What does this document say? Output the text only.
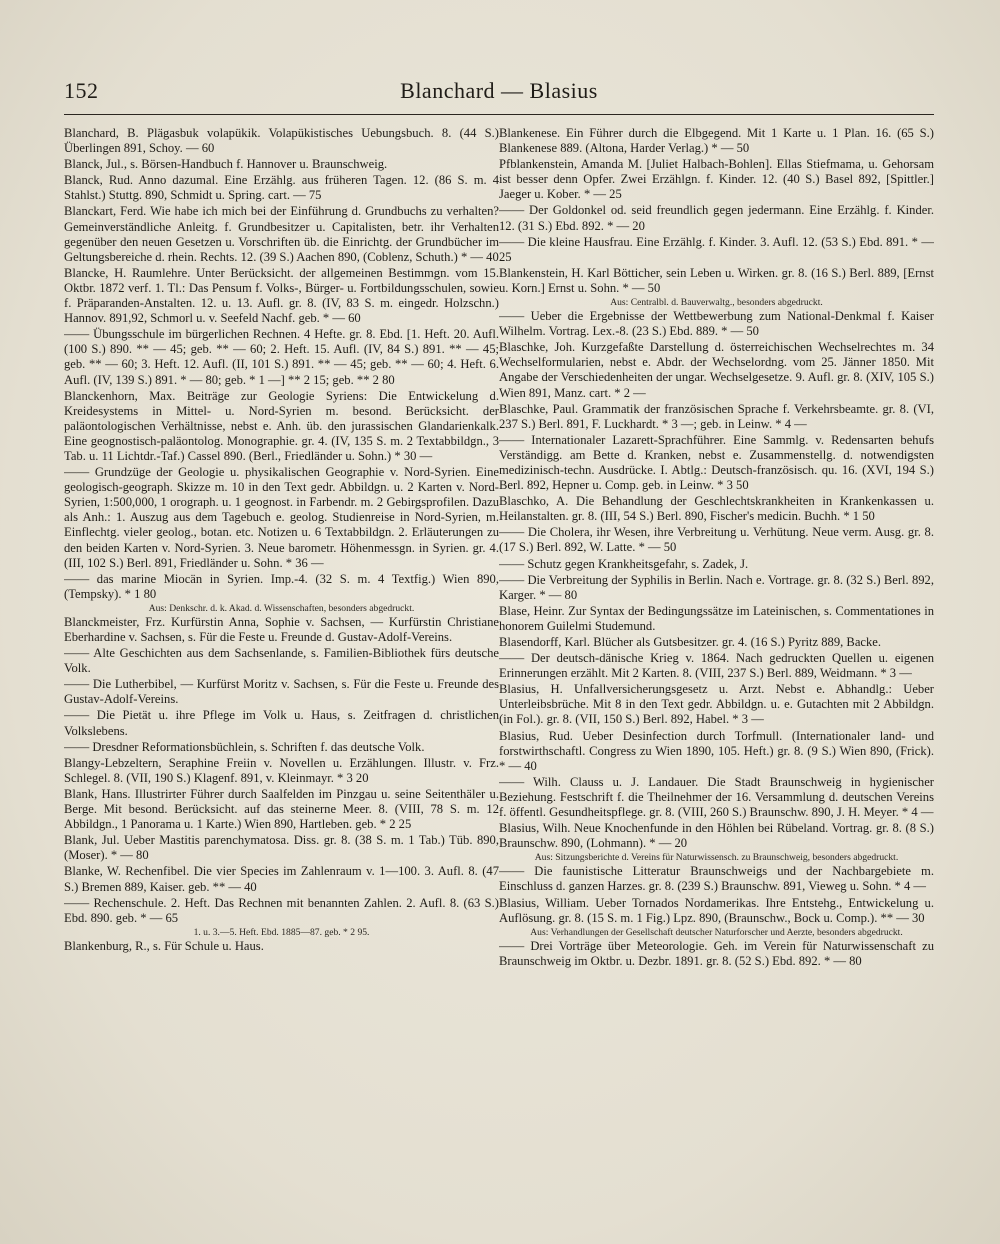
152	Blanchard — Blasius
Blanchard, B. Plägasbuk volapükik. Volapükistisches Uebungsbuch. 8. (44 S.) Überlingen 891, Schoy. — 60
Blanck, Jul., s. Börsen-Handbuch f. Hannover u. Braunschweig.
Blanck, Rud. Anno dazumal. Eine Erzählg. aus früheren Tagen. 12. (86 S. m. 4 Stahlst.) Stuttg. 890, Schmidt u. Spring. cart. — 75
Blanckart, Ferd. Wie habe ich mich bei der Einführung d. Grundbuchs zu verhalten? Gemeinverständliche Anleitg. f. Grundbesitzer u. Capitalisten, betr. ihr Verhalten gegenüber den neuen Gesetzen u. Vorschriften üb. die Einrichtg. der Grundbücher im Geltungsbereiche d. rhein. Rechts. 12. (39 S.) Aachen 890, (Coblenz, Schuth.) * — 40
Blancke, H. Raumlehre. Unter Berücksicht. der allgemeinen Bestimmgn. vom 15. Oktbr. 1872 verf. 1. Tl.: Das Pensum f. Volks-, Bürger- u. Fortbildungsschulen, sowie f. Präparanden-Anstalten. 12. u. 13. Aufl. gr. 8. (IV, 83 S. m. eingedr. Holzschn.) Hannov. 891,92, Schmorl u. v. Seefeld Nachf. geb. * — 60
—— Übungsschule im bürgerlichen Rechnen. 4 Hefte. gr. 8. Ebd. [1. Heft. 20. Aufl. (100 S.) 890. ** — 45; geb. ** — 60; 2. Heft. 15. Aufl. (IV, 84 S.) 891. ** — 45; geb. ** — 60; 3. Heft. 12. Aufl. (II, 101 S.) 891. ** — 45; geb. ** — 60; 4. Heft. 6. Aufl. (IV, 139 S.) 891. * — 80; geb. * 1 —] ** 2 15; geb. ** 2 80
Blanckenhorn, Max. Beiträge zur Geologie Syriens: Die Entwickelung d. Kreidesystems in Mittel- u. Nord-Syrien m. besond. Berücksicht. der paläontologischen Verhältnisse, nebst e. Anh. üb. den jurassischen Glandarienkalk. Eine geognostisch-paläontolog. Monographie. gr. 4. (IV, 135 S. m. 2 Textabbildgn., 3 Tab. u. 11 Lichtdr.-Taf.) Cassel 890. (Berl., Friedländer u. Sohn.) * 30 —
—— Grundzüge der Geologie u. physikalischen Geographie v. Nord-Syrien. Eine geologisch-geograph. Skizze m. 10 in den Text gedr. Abbildgn. u. 2 Karten v. Nord-Syrien, 1:500,000, 1 orograph. u. 1 geognost. in Farbendr. m. 2 Gebirgsprofilen. Dazu als Anh.: 1. Auszug aus dem Tagebuch e. geolog. Studienreise in Nord-Syrien, m. Einflechtg. vieler geolog., botan. etc. Notizen u. 6 Textabbildgn. 2. Erläuterungen zu den beiden Karten v. Nord-Syrien. 3. Neue barometr. Höhenmessgn. in Syrien. gr. 4. (III, 102 S.) Berl. 891, Friedländer u. Sohn. * 36 —
—— das marine Miocän in Syrien. Imp.-4. (32 S. m. 4 Textfig.) Wien 890, (Tempsky). * 1 80
Aus: Denkschr. d. k. Akad. d. Wissenschaften, besonders abgedruckt.
Blanckmeister, Frz. Kurfürstin Anna, Sophie v. Sachsen, — Kurfürstin Christiane Eberhardine v. Sachsen, s. Für die Feste u. Freunde d. Gustav-Adolf-Vereins.
—— Alte Geschichten aus dem Sachsenlande, s. Familien-Bibliothek fürs deutsche Volk.
—— Die Lutherbibel, — Kurfürst Moritz v. Sachsen, s. Für die Feste u. Freunde des Gustav-Adolf-Vereins.
—— Die Pietät u. ihre Pflege im Volk u. Haus, s. Zeitfragen d. christlichen Volkslebens.
—— Dresdner Reformationsbüchlein, s. Schriften f. das deutsche Volk.
Blangy-Lebzeltern, Seraphine Freiin v. Novellen u. Erzählungen. Illustr. v. Frz. Schlegel. 8. (VII, 190 S.) Klagenf. 891, v. Kleinmayr. * 3 20
Blank, Hans. Illustrirter Führer durch Saalfelden im Pinzgau u. seine Seitenthäler u. Berge. Mit besond. Berücksicht. auf das steinerne Meer. 8. (VIII, 78 S. m. 12 Abbildgn., 1 Panorama u. 1 Karte.) Wien 890, Hartleben. geb. * 2 25
Blank, Jul. Ueber Mastitis parenchymatosa. Diss. gr. 8. (38 S. m. 1 Tab.) Tüb. 890, (Moser). * — 80
Blanke, W. Rechenfibel. Die vier Species im Zahlenraum v. 1—100. 3. Aufl. 8. (47 S.) Bremen 889, Kaiser. geb. ** — 40
—— Rechenschule. 2. Heft. Das Rechnen mit benannten Zahlen. 2. Aufl. 8. (63 S.) Ebd. 890. geb. * — 65
1. u. 3.—5. Heft. Ebd. 1885—87. geb. * 2 95.
Blankenburg, R., s. Für Schule u. Haus.
Blankenese. Ein Führer durch die Elbgegend. Mit 1 Karte u. 1 Plan. 16. (65 S.) Blankenese 889. (Altona, Harder Verlag.) * — 50
Pfblankenstein, Amanda M. [Juliet Halbach-Bohlen]. Ellas Stiefmama, u. Gehorsam ist besser denn Opfer. Zwei Erzählgn. f. Kinder. 12. (40 S.) Basel 892, [Spittler.] Jaeger u. Kober. * — 25
—— Der Goldonkel od. seid freundlich gegen jedermann. Eine Erzählg. f. Kinder. 12. (31 S.) Ebd. 892. * — 20
—— Die kleine Hausfrau. Eine Erzählg. f. Kinder. 3. Aufl. 12. (53 S.) Ebd. 891. * — 25
Blankenstein, H. Karl Bötticher, sein Leben u. Wirken. gr. 8. (16 S.) Berl. 889, [Ernst u. Korn.] Ernst u. Sohn. * — 50
Aus: Centralbl. d. Bauverwaltg., besonders abgedruckt.
—— Ueber die Ergebnisse der Wettbewerbung zum National-Denkmal f. Kaiser Wilhelm. Vortrag. Lex.-8. (23 S.) Ebd. 889. * — 50
Blaschke, Joh. Kurzgefaßte Darstellung d. österreichischen Wechselrechtes m. 34 Wechselformularien, nebst e. Abdr. der Wechselordng. vom 25. Jänner 1850. Mit Angabe der Verschiedenheiten der ungar. Wechselgesetze. 9. Aufl. gr. 8. (XIV, 105 S.) Wien 891, Manz. cart. * 2 —
Blaschke, Paul. Grammatik der französischen Sprache f. Verkehrsbeamte. gr. 8. (VI, 237 S.) Berl. 891, F. Luckhardt. * 3 —; geb. in Leinw. * 4 —
—— Internationaler Lazarett-Sprachführer. Eine Sammlg. v. Redensarten behufs Verständigg. am Bette d. Kranken, nebst e. Zusammenstellg. d. notwendigsten medizinisch-techn. Ausdrücke. I. Abtlg.: Deutsch-französisch. qu. 16. (XVI, 194 S.) Berl. 892, Hepner u. Comp. geb. in Leinw. * 3 50
Blaschko, A. Die Behandlung der Geschlechtskrankheiten in Krankenkassen u. Heilanstalten. gr. 8. (III, 54 S.) Berl. 890, Fischer's medicin. Buchh. * 1 50
—— Die Cholera, ihr Wesen, ihre Verbreitung u. Verhütung. Neue verm. Ausg. gr. 8. (17 S.) Berl. 892, W. Latte. * — 50
—— Schutz gegen Krankheitsgefahr, s. Zadek, J.
—— Die Verbreitung der Syphilis in Berlin. Nach e. Vortrage. gr. 8. (32 S.) Berl. 892, Karger. * — 80
Blase, Heinr. Zur Syntax der Bedingungssätze im Lateinischen, s. Commentationes in honorem Guilelmi Studemund.
Blasendorff, Karl. Blücher als Gutsbesitzer. gr. 4. (16 S.) Pyritz 889, Backe.
—— Der deutsch-dänische Krieg v. 1864. Nach gedruckten Quellen u. eigenen Erinnerungen erzählt. Mit 2 Karten. 8. (VIII, 237 S.) Berl. 889, Weidmann. * 3 —
Blasius, H. Unfallversicherungsgesetz u. Arzt. Nebst e. Abhandlg.: Ueber Unterleibsbrüche. Mit 8 in den Text gedr. Abbildgn. u. e. Gutachten mit 2 Abbildgn. (in Fol.). gr. 8. (VII, 150 S.) Berl. 892, Habel. * 3 —
Blasius, Rud. Ueber Desinfection durch Torfmull. (Internationaler land- und forstwirthschaftl. Congress zu Wien 1890, 105. Heft.) gr. 8. (9 S.) Wien 890, (Frick). * — 40
—— Wilh. Clauss u. J. Landauer. Die Stadt Braunschweig in hygienischer Beziehung. Festschrift f. die Theilnehmer der 16. Versammlung d. deutschen Vereins f. öffentl. Gesundheitspflege. gr. 8. (VIII, 260 S.) Braunschw. 890, J. H. Meyer. * 4 —
Blasius, Wilh. Neue Knochenfunde in den Höhlen bei Rübeland. Vortrag. gr. 8. (8 S.) Braunschw. 890, (Lohmann). * — 20
Aus: Sitzungsberichte d. Vereins für Naturwissensch. zu Braunschweig, besonders abgedruckt.
—— Die faunistische Litteratur Braunschweigs und der Nachbargebiete m. Einschluss d. ganzen Harzes. gr. 8. (239 S.) Braunschw. 891, Vieweg u. Sohn. * 4 —
Blasius, William. Ueber Tornados Nordamerikas. Ihre Entstehg., Entwickelung u. Auflösung. gr. 8. (15 S. m. 1 Fig.) Lpz. 890, (Braunschw., Bock u. Comp.). ** — 30
Aus: Verhandlungen der Gesellschaft deutscher Naturforscher und Aerzte, besonders abgedruckt.
—— Drei Vorträge über Meteorologie. Geh. im Verein für Naturwissenschaft zu Braunschweig im Oktbr. u. Dezbr. 1891. gr. 8. (52 S.) Ebd. 892. * — 80
